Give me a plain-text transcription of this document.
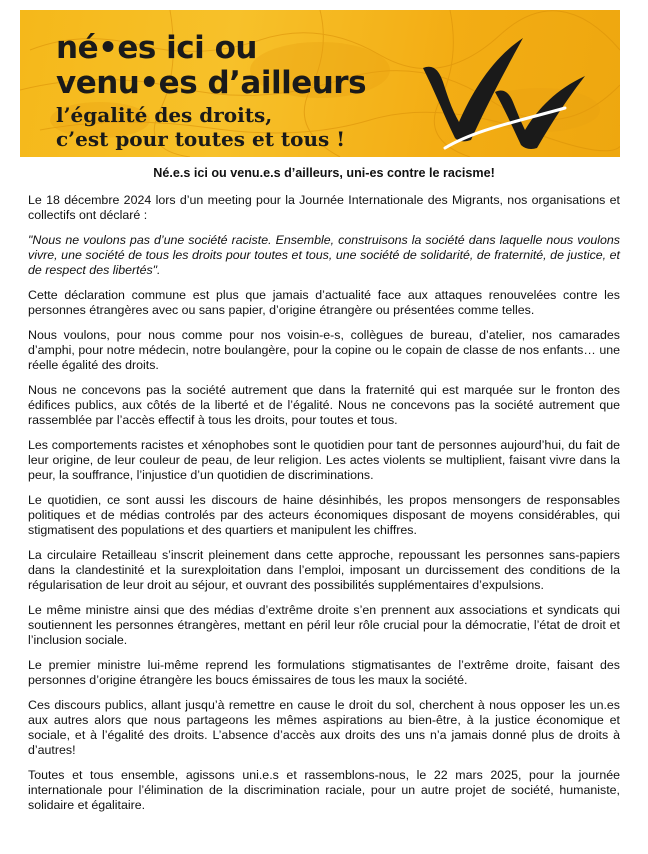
né•es ici ou
venu•es d’ailleurs
l’égalité des droits,
c’est pour toutes et tous !
Né.e.s ici ou venu.e.s d’ailleurs, uni-es contre le racisme!

Le 18 décembre 2024 lors d’un meeting pour la Journée Internationale des Migrants, nos organisations et collectifs ont déclaré :

"Nous ne voulons pas d’une société raciste. Ensemble, construisons la société dans laquelle nous voulons vivre, une société de tous les droits pour toutes et tous, une société de solidarité, de fraternité, de justice, et de respect des libertés".

Cette déclaration commune est plus que jamais d’actualité face aux attaques renouvelées contre les personnes étrangères avec ou sans papier, d’origine étrangère ou présentées comme telles.

Nous voulons, pour nous comme pour nos voisin-e-s, collègues de bureau, d’atelier, nos camarades d’amphi, pour notre médecin, notre boulangère, pour la copine ou le copain de classe de nos enfants… une réelle égalité des droits.

Nous ne concevons pas la société autrement que dans la fraternité qui est marquée sur le fronton des édifices publics, aux côtés de la liberté et de l’égalité. Nous ne concevons pas la société autrement que rassemblée par l’accès effectif à tous les droits, pour toutes et tous.

Les comportements racistes et xénophobes sont le quotidien pour tant de personnes aujourd’hui, du fait de leur origine, de leur couleur de peau, de leur religion. Les actes violents se multiplient, faisant vivre dans la peur, la souffrance, l’injustice d’un quotidien de discriminations.

Le quotidien, ce sont aussi les discours de haine désinhibés, les propos mensongers de responsables politiques et de médias controlés par des acteurs économiques disposant de moyens considérables, qui stigmatisent des populations et des quartiers et manipulent les chiffres.

La circulaire Retailleau s’inscrit pleinement dans cette approche, repoussant les personnes sans-papiers dans la clandestinité et la surexploitation dans l’emploi, imposant un durcissement des conditions de la régularisation de leur droit au séjour, et ouvrant des possibilités supplémentaires d’expulsions.

Le même ministre ainsi que des médias d’extrême droite s’en prennent aux associations et syndicats qui soutiennent les personnes étrangères, mettant en péril leur rôle crucial pour la démocratie, l’état de droit et l’inclusion sociale.

Le premier ministre lui-même reprend les formulations stigmatisantes de l’extrême droite, faisant des personnes d’origine étrangère les boucs émissaires de tous les maux la société.

Ces discours publics, allant jusqu’à remettre en cause le droit du sol, cherchent à nous opposer les un.es aux autres alors que nous partageons les mêmes aspirations au bien-être, à la justice économique et sociale, et à l’égalité des droits. L’absence d’accès aux droits des uns n’a jamais donné plus de droits à d’autres!

Toutes et tous ensemble, agissons uni.e.s et rassemblons-nous, le 22 mars 2025, pour la journée internationale pour l’élimination de la discrimination raciale, pour un autre projet de société, humaniste, solidaire et égalitaire.
